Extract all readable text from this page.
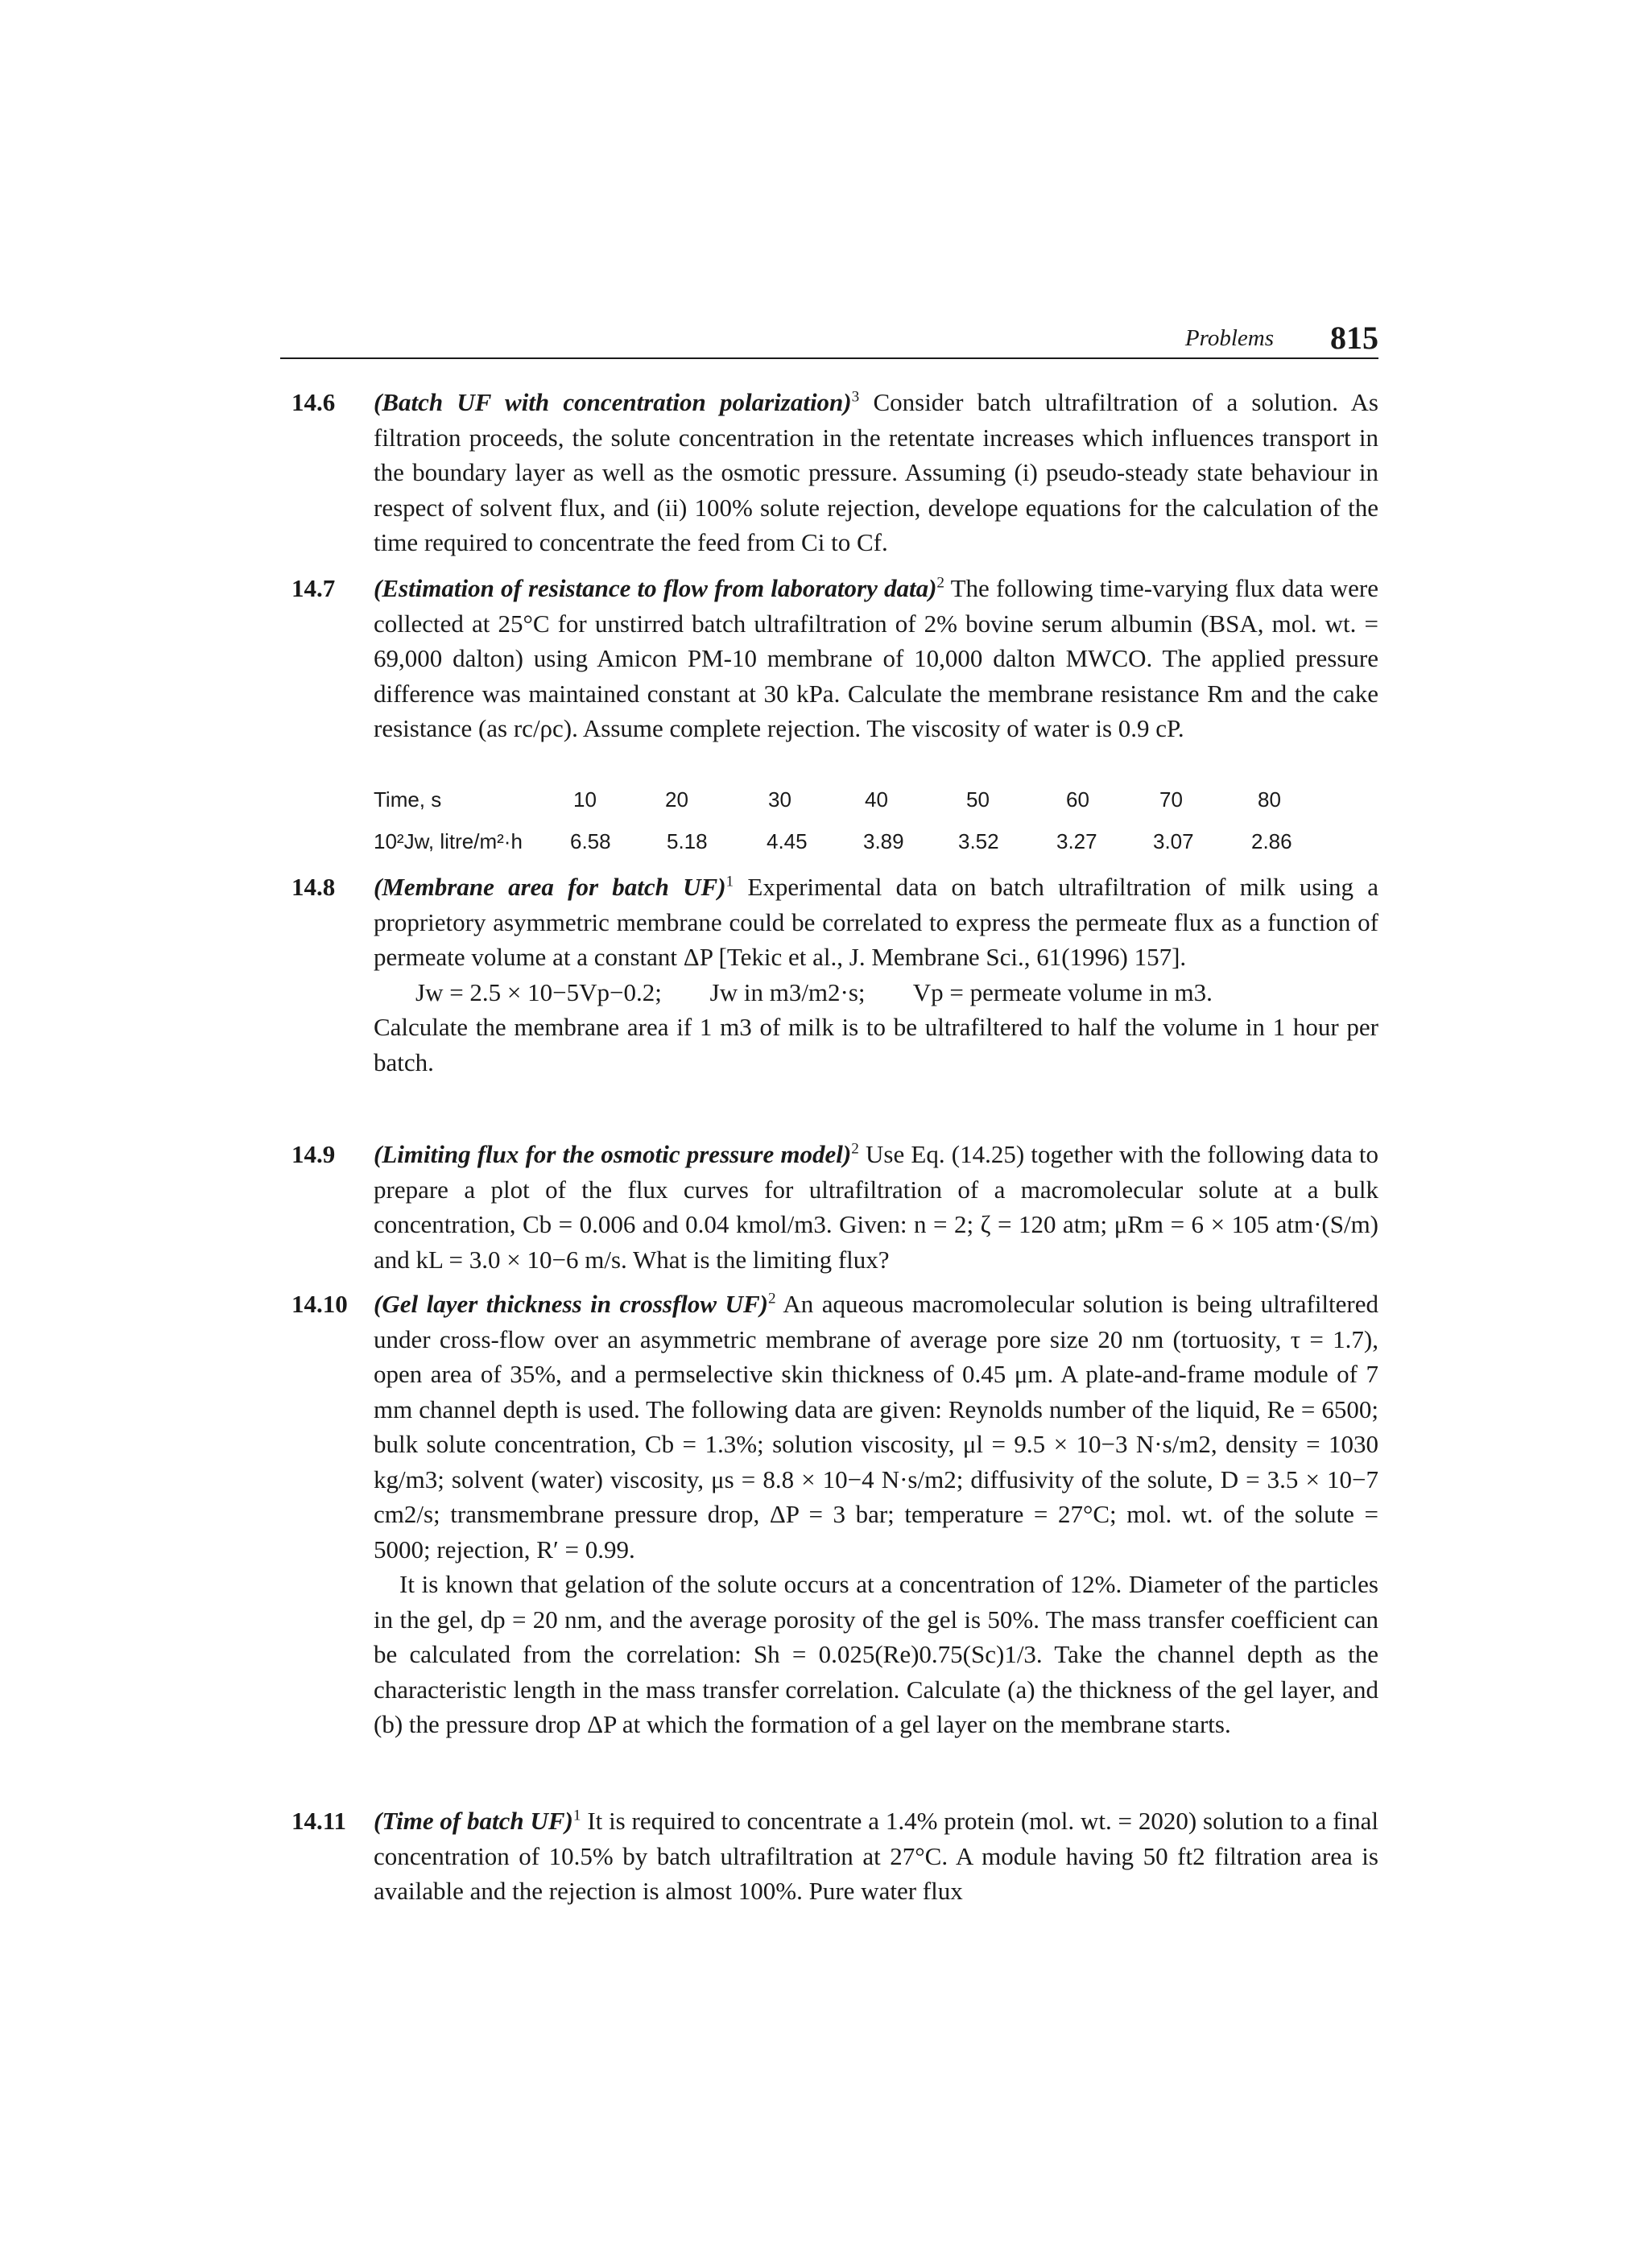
Problems 815
14.6 (Batch UF with concentration polarization)$^3$ Consider batch ultrafiltration of a solution. As filtration proceeds, the solute concentration in the retentate increases which influences transport in the boundary layer as well as the osmotic pressure. Assuming (i) pseudo-steady state behaviour in respect of solvent flux, and (ii) 100% solute rejection, develope equations for the calculation of the time required to concentrate the feed from Ci to Cf.
14.7 (Estimation of resistance to flow from laboratory data)$^2$ The following time-varying flux data were collected at 25°C for unstirred batch ultrafiltration of 2% bovine serum albumin (BSA, mol. wt. = 69,000 dalton) using Amicon PM-10 membrane of 10,000 dalton MWCO. The applied pressure difference was maintained constant at 30 kPa. Calculate the membrane resistance Rm and the cake resistance (as rc/ρc). Assume complete rejection. The viscosity of water is 0.9 cP.
Time, s	10	20	30	40	50	60	70	80
10²Jw, litre/m²·h 6.58	5.18	4.45	3.89	3.52	3.27	3.07	2.86
14.8 (Membrane area for batch UF)$^1$ Experimental data on batch ultrafiltration of milk using a proprietory asymmetric membrane could be correlated to express the permeate flux as a function of permeate volume at a constant ΔP [Tekic et al., J. Membrane Sci., 61(1996) 157].

Jw = 2.5 × 10−5Vp−0.2; Jw in m3/m2·s; Vp = permeate volume in m3.

Calculate the membrane area if 1 m3 of milk is to be ultrafiltered to half the volume in 1 hour per batch.

14.9 (Limiting flux for the osmotic pressure model)$^2$ Use Eq. (14.25) together with the following data to prepare a plot of the flux curves for ultrafiltration of a macromolecular solute at a bulk concentration, Cb = 0.006 and 0.04 kmol/m3. Given: n = 2; ζ = 120 atm; μRm = 6 × 105 atm·(S/m) and kL = 3.0 × 10−6 m/s. What is the limiting flux?
14.10 (Gel layer thickness in crossflow UF)$^2$ An aqueous macromolecular solution is being ultrafiltered under cross-flow over an asymmetric membrane of average pore size 20 nm (tortuosity, τ = 1.7), open area of 35%, and a permselective skin thickness of 0.45 μm. A plate-and-frame module of 7 mm channel depth is used. The following data are given: Reynolds number of the liquid, Re = 6500; bulk solute concentration, Cb = 1.3%; solution viscosity, μl = 9.5 × 10−3 N·s/m2, density = 1030 kg/m3; solvent (water) viscosity, μs = 8.8 × 10−4 N·s/m2; diffusivity of the solute, D = 3.5 × 10−7 cm2/s; transmembrane pressure drop, ΔP = 3 bar; temperature = 27°C; mol. wt. of the solute = 5000; rejection, R′ = 0.99.

It is known that gelation of the solute occurs at a concentration of 12%. Diameter of the particles in the gel, dp = 20 nm, and the average porosity of the gel is 50%. The mass transfer coefficient can be calculated from the correlation: Sh = 0.025(Re)0.75(Sc)1/3. Take the channel depth as the characteristic length in the mass transfer correlation. Calculate (a) the thickness of the gel layer, and (b) the pressure drop ΔP at which the formation of a gel layer on the membrane starts.

14.11 (Time of batch UF)$^1$ It is required to concentrate a 1.4% protein (mol. wt. = 2020) solution to a final concentration of 10.5% by batch ultrafiltration at 27°C. A module having 50 ft2 filtration area is available and the rejection is almost 100%. Pure water flux
